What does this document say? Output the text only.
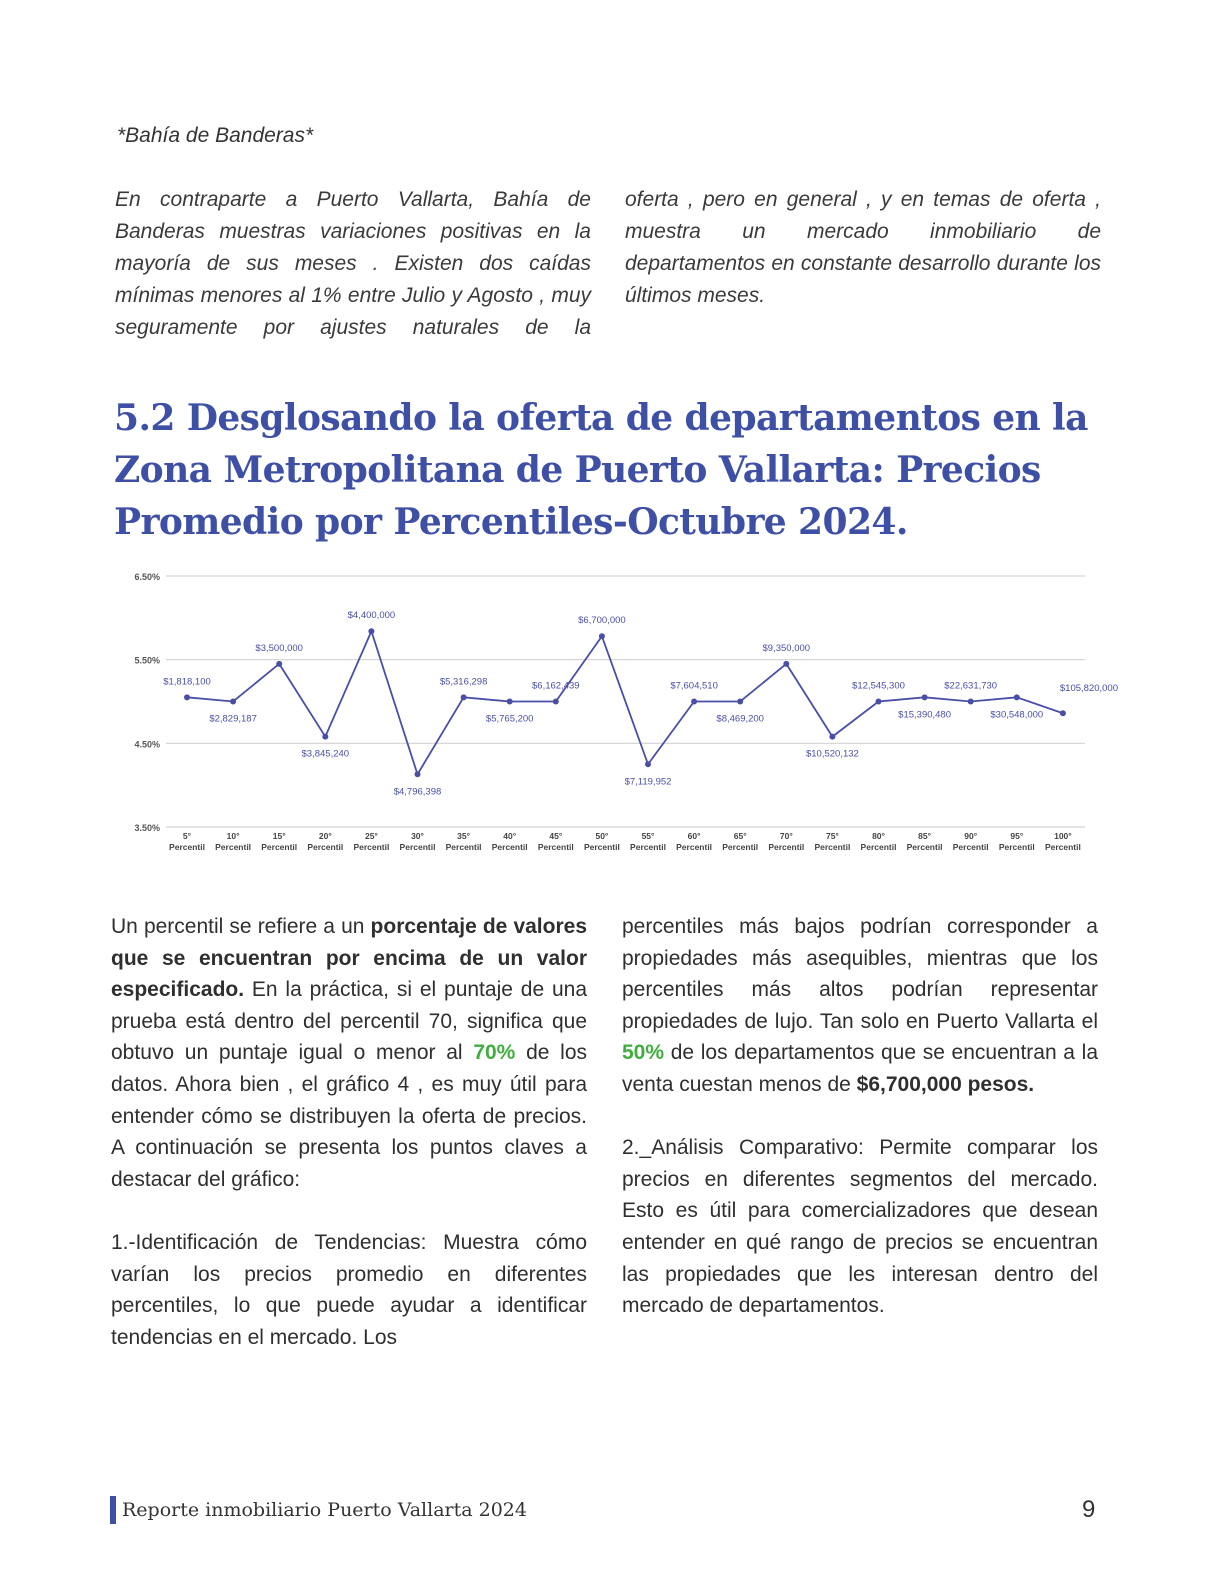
*Bahía de Banderas*

En contraparte a Puerto Vallarta, Bahía de Banderas muestras variaciones positivas en la mayoría de sus meses . Existen dos caídas mínimas menores al 1% entre Julio y Agosto , muy seguramente por ajustes naturales de la

oferta , pero en general , y en temas de oferta , muestra un mercado inmobiliario de departamentos en constante desarrollo durante los últimos meses.

5.2 Desglosando la oferta de departamentos en la Zona Metropolitana de Puerto Vallarta: Precios Promedio por Percentiles-Octubre 2024.
6.50%
5.50%
4.50%
3.50%
$1,818,100
5°
Percentil
$2,829,187
10°
Percentil
$3,500,000
15°
Percentil
$3,845,240
20°
Percentil
$4,400,000
25°
Percentil
$4,796,398
30°
Percentil
$5,316,298
35°
Percentil
$5,765,200
40°
Percentil
$6,162,439
45°
Percentil
$6,700,000
50°
Percentil
$7,119,952
55°
Percentil
$7,604,510
60°
Percentil
$8,469,200
65°
Percentil
$9,350,000
70°
Percentil
$10,520,132
75°
Percentil
$12,545,300
80°
Percentil
$15,390,480
85°
Percentil
$22,631,730
90°
Percentil
$30,548,000
95°
Percentil
$105,820,000
100°
Percentil

Un percentil se refiere a un porcentaje de valores que se encuentran por encima de un valor especificado. En la práctica, si el puntaje de una prueba está dentro del percentil 70, significa que obtuvo un puntaje igual o menor al 70% de los datos. Ahora bien , el gráfico 4 , es muy útil para entender cómo se distribuyen la oferta de precios. A continuación se presenta los puntos claves a destacar del gráfico:

1.-Identificación de Tendencias: Muestra cómo varían los precios promedio en diferentes percentiles, lo que puede ayudar a identificar tendencias en el mercado. Los

percentiles más bajos podrían corresponder a propiedades más asequibles, mientras que los percentiles más altos podrían representar propiedades de lujo. Tan solo en Puerto Vallarta el 50% de los departamentos que se encuentran a la venta cuestan menos de $6,700,000 pesos.

2._Análisis Comparativo: Permite comparar los precios en diferentes segmentos del mercado. Esto es útil para comercializadores que desean entender en qué rango de precios se encuentran las propiedades que les interesan dentro del mercado de departamentos.

Reporte inmobiliario Puerto Vallarta 2024	9
